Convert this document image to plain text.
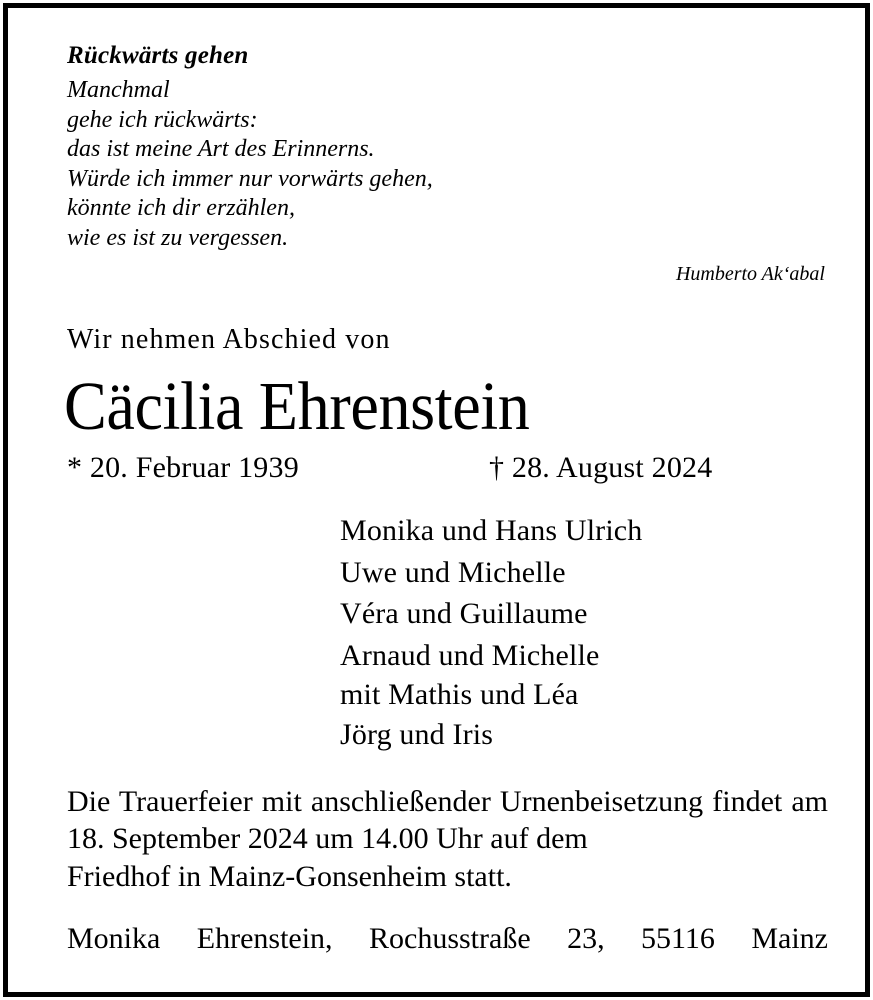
Rückwärts gehen
Manchmal
gehe ich rückwärts:
das ist meine Art des Erinnerns.
Würde ich immer nur vorwärts gehen,
könnte ich dir erzählen,
wie es ist zu vergessen.
Humberto Ak‘abal
Wir nehmen Abschied von
Cäcilia Ehrenstein
* 20. Februar 1939	† 28. August 2024
Monika und Hans Ulrich
Uwe und Michelle
Véra und Guillaume
Arnaud und Michelle
mit Mathis und Léa
Jörg und Iris
Die Trauerfeier mit anschließender Urnenbeisetzung findet am 18. September 2024 um 14.00 Uhr auf dem
Friedhof in Mainz-Gonsenheim statt.
Monika Ehrenstein, Rochusstraße 23, 55116 Mainz
